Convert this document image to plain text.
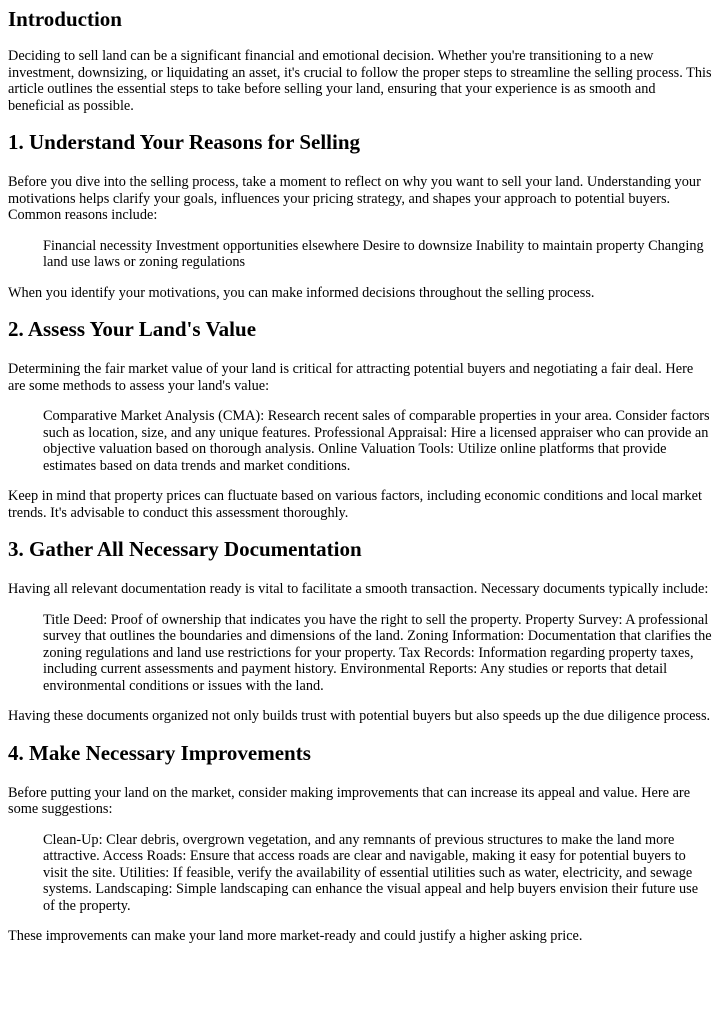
Introduction

Deciding to sell land can be a significant financial and emotional decision. Whether you're transitioning to a new investment, downsizing, or liquidating an asset, it's crucial to follow the proper steps to streamline the selling process. This article outlines the essential steps to take before selling your land, ensuring that your experience is as smooth and beneficial as possible.

1. Understand Your Reasons for Selling

Before you dive into the selling process, take a moment to reflect on why you want to sell your land. Understanding your motivations helps clarify your goals, influences your pricing strategy, and shapes your approach to potential buyers. Common reasons include:

Financial necessity Investment opportunities elsewhere Desire to downsize Inability to maintain property Changing land use laws or zoning regulations

When you identify your motivations, you can make informed decisions throughout the selling process.

2. Assess Your Land's Value

Determining the fair market value of your land is critical for attracting potential buyers and negotiating a fair deal. Here are some methods to assess your land's value:

Comparative Market Analysis (CMA): Research recent sales of comparable properties in your area. Consider factors such as location, size, and any unique features. Professional Appraisal: Hire a licensed appraiser who can provide an objective valuation based on thorough analysis. Online Valuation Tools: Utilize online platforms that provide estimates based on data trends and market conditions.

Keep in mind that property prices can fluctuate based on various factors, including economic conditions and local market trends. It's advisable to conduct this assessment thoroughly.

3. Gather All Necessary Documentation

Having all relevant documentation ready is vital to facilitate a smooth transaction. Necessary documents typically include:

Title Deed: Proof of ownership that indicates you have the right to sell the property. Property Survey: A professional survey that outlines the boundaries and dimensions of the land. Zoning Information: Documentation that clarifies the zoning regulations and land use restrictions for your property. Tax Records: Information regarding property taxes, including current assessments and payment history. Environmental Reports: Any studies or reports that detail environmental conditions or issues with the land.

Having these documents organized not only builds trust with potential buyers but also speeds up the due diligence process.

4. Make Necessary Improvements

Before putting your land on the market, consider making improvements that can increase its appeal and value. Here are some suggestions:

Clean-Up: Clear debris, overgrown vegetation, and any remnants of previous structures to make the land more attractive. Access Roads: Ensure that access roads are clear and navigable, making it easy for potential buyers to visit the site. Utilities: If feasible, verify the availability of essential utilities such as water, electricity, and sewage systems. Landscaping: Simple landscaping can enhance the visual appeal and help buyers envision their future use of the property.

These improvements can make your land more market-ready and could justify a higher asking price.
